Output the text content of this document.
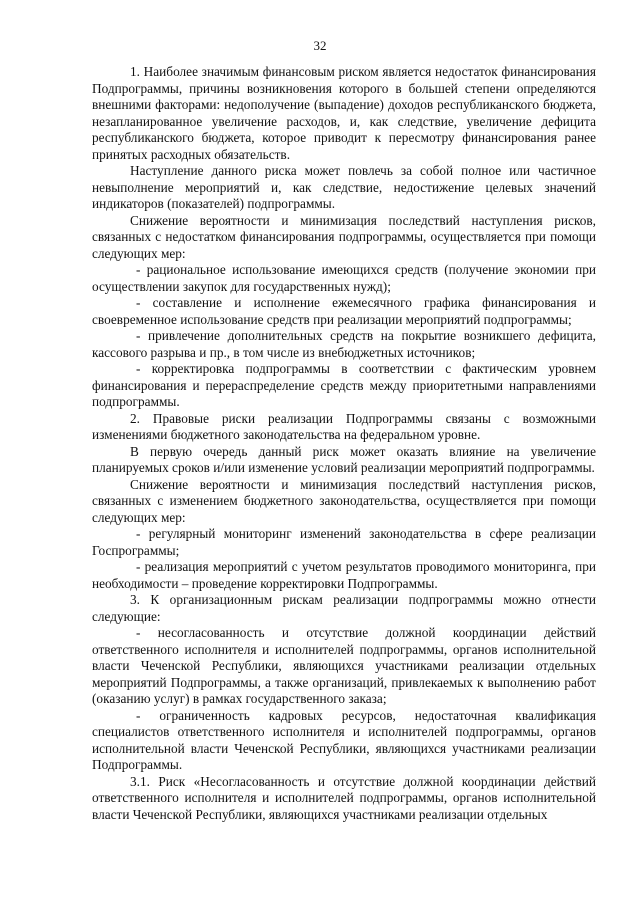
32

1. Наиболее значимым финансовым риском является недостаток финансирования Подпрограммы, причины возникновения которого в большей степени определяются внешними факторами: недополучение (выпадение) доходов республиканского бюджета, незапланированное увеличение расходов, и, как следствие, увеличение дефицита республиканского бюджета, которое приводит к пересмотру финансирования ранее принятых расходных обязательств.

Наступление данного риска может повлечь за собой полное или частичное невыполнение мероприятий и, как следствие, недостижение целевых значений индикаторов (показателей) подпрограммы.

Снижение вероятности и минимизация последствий наступления рисков, связанных с недостатком финансирования подпрограммы, осуществляется при помощи следующих мер:

- рациональное использование имеющихся средств (получение экономии при осуществлении закупок для государственных нужд);

- составление и исполнение ежемесячного графика финансирования и своевременное использование средств при реализации мероприятий подпрограммы;

- привлечение дополнительных средств на покрытие возникшего дефицита, кассового разрыва и пр., в том числе из внебюджетных источников;

- корректировка подпрограммы в соответствии с фактическим уровнем финансирования и перераспределение средств между приоритетными направлениями подпрограммы.

2. Правовые риски реализации Подпрограммы связаны с возможными изменениями бюджетного законодательства на федеральном уровне.

В первую очередь данный риск может оказать влияние на увеличение планируемых сроков и/или изменение условий реализации мероприятий подпрограммы.

Снижение вероятности и минимизация последствий наступления рисков, связанных с изменением бюджетного законодательства, осуществляется при помощи следующих мер:

- регулярный мониторинг изменений законодательства в сфере реализации Госпрограммы;

- реализация мероприятий с учетом результатов проводимого мониторинга, при необходимости – проведение корректировки Подпрограммы.

3. К организационным рискам реализации подпрограммы можно отнести следующие:

- несогласованность и отсутствие должной координации действий ответственного исполнителя и исполнителей подпрограммы, органов исполнительной власти Чеченской Республики, являющихся участниками реализации отдельных мероприятий Подпрограммы, а также организаций, привлекаемых к выполнению работ (оказанию услуг) в рамках государственного заказа;

- ограниченность кадровых ресурсов, недостаточная квалификация специалистов ответственного исполнителя и исполнителей подпрограммы, органов исполнительной власти Чеченской Республики, являющихся участниками реализации Подпрограммы.

3.1. Риск «Несогласованность и отсутствие должной координации действий ответственного исполнителя и исполнителей подпрограммы, органов исполнительной власти Чеченской Республики, являющихся участниками реализации отдельных
